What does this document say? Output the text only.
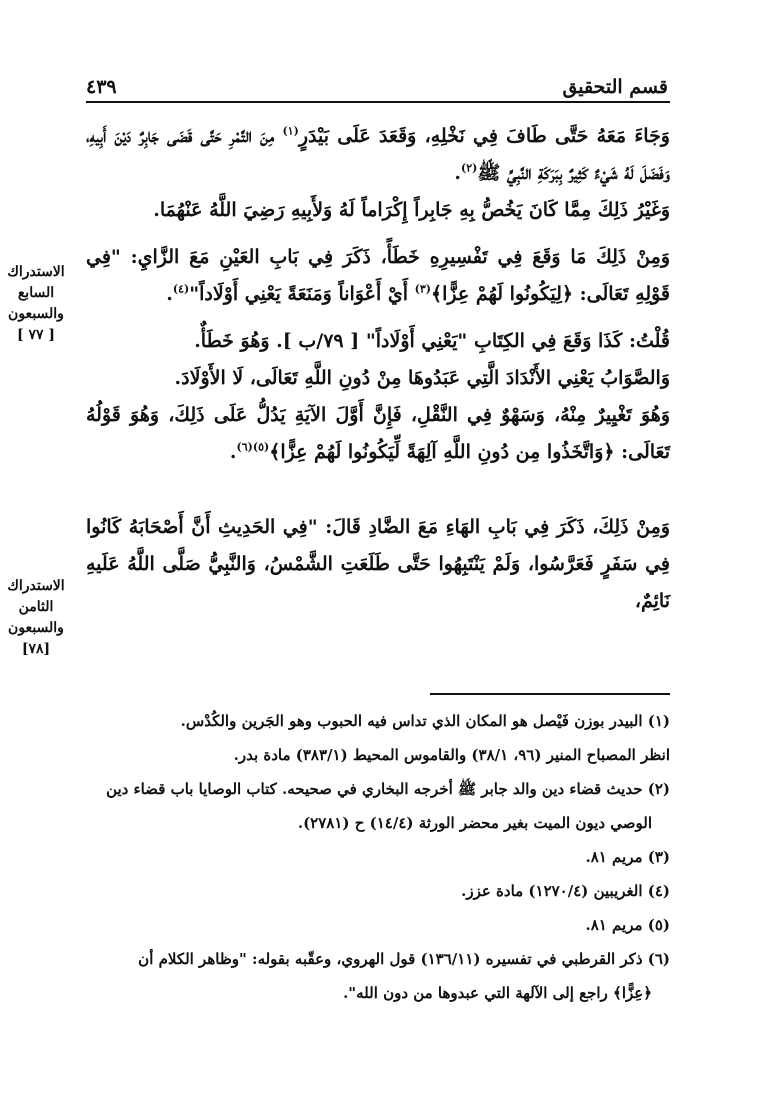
قسم التحقيق
٤٣٩

وَجَاءَ مَعَهُ حَتَّى طَافَ فِي نَخْلِهِ، وَقَعَدَ عَلَى بَيْدَرٍ$^{(١)}$ مِنَ التَّمْرِ حَتَّى قَضَى جَابِرٌ دَيْنَ أَبِيهِ، وَفَضَلَ لَهُ شَيْءٌ كَثِيرٌ بِبَرَكَةِ النَّبِيِّ ﷺ$^{(٢)}$.

وَغَيْرُ ذَلِكَ مِمَّا كَانَ يَخُصُّ بِهِ جَابِراً إِكْرَاماً لَهُ وَلأَبِيهِ رَضِيَ اللَّهُ عَنْهُمَا.

وَمِنْ ذَلِكَ مَا وَقَعَ فِي تَفْسِيرِهِ خَطَأً، ذَكَرَ فِي بَابِ العَيْنِ مَعَ الزَّايِ: "فِي قَوْلِهِ تَعَالَى: ﴿لِيَكُونُوا لَهُمْ عِزًّا﴾$^{(٣)}$ أَيْ أَعْوَاناً وَمَنَعَةً يَعْنِي أَوْلَاداً"$^{(٤)}$.

قُلْتُ: كَذَا وَقَعَ فِي الكِتَابِ "يَعْنِي أَوْلَاداً" [ ٧٩/ب ]. وَهُوَ خَطَأٌ.

وَالصَّوَابُ يَعْنِي الأَنْدَادَ الَّتِي عَبَدُوهَا مِنْ دُونِ اللَّهِ تَعَالَى، لَا الأَوْلَادَ.

وَهُوَ تَغْيِيرٌ مِنْهُ، وَسَهْوٌ فِي النَّقْلِ، فَإِنَّ أَوَّلَ الآيَةِ يَدُلُّ عَلَى ذَلِكَ، وَهُوَ قَوْلُهُ تَعَالَى: ﴿وَاتَّخَذُوا مِن دُونِ اللَّهِ آلِهَةً لِّيَكُونُوا لَهُمْ عِزًّا﴾$^{(٥)(٦)}$.

وَمِنْ ذَلِكَ، ذَكَرَ فِي بَابِ الهَاءِ مَعَ الضَّادِ قَالَ: "فِي الحَدِيثِ أَنَّ أَصْحَابَهُ كَانُوا فِي سَفَرٍ فَعَرَّسُوا، وَلَمْ يَنْتَبِهُوا حَتَّى طَلَعَتِ الشَّمْسُ، وَالنَّبِيُّ صَلَّى اللَّهُ عَلَيهِ نَائِمٌ،

الاستدراك
السابع
والسبعون
[ ٧٧ ]
الاستدراك
الثامن
والسبعون
[٧٨]

(١) البيدر بوزن فَيْصل هو المكان الذي تداس فيه الحبوب وهو الجَرين والكُدْس.

انظر المصباح المنير (٩٦، ٣٨/١) والقاموس المحيط (٣٨٣/١) مادة بدر.

(٢) حديث قضاء دين والد جابر ﷺ أخرجه البخاري في صحيحه. كتاب الوصايا باب قضاء دين

الوصي ديون الميت بغير محضر الورثة (١٤/٤) ح (٢٧٨١).

(٣) مريم ٨١.

(٤) الغريبين (١٢٧٠/٤) مادة عزز.

(٥) مريم ٨١.

(٦) ذكر القرطبي في تفسيره (١٣٦/١١) قول الهروي، وعقّبه بقوله: "وظاهر الكلام أن

﴿عِزًّا﴾ راجع إلى الآلهة التي عبدوها من دون الله".
